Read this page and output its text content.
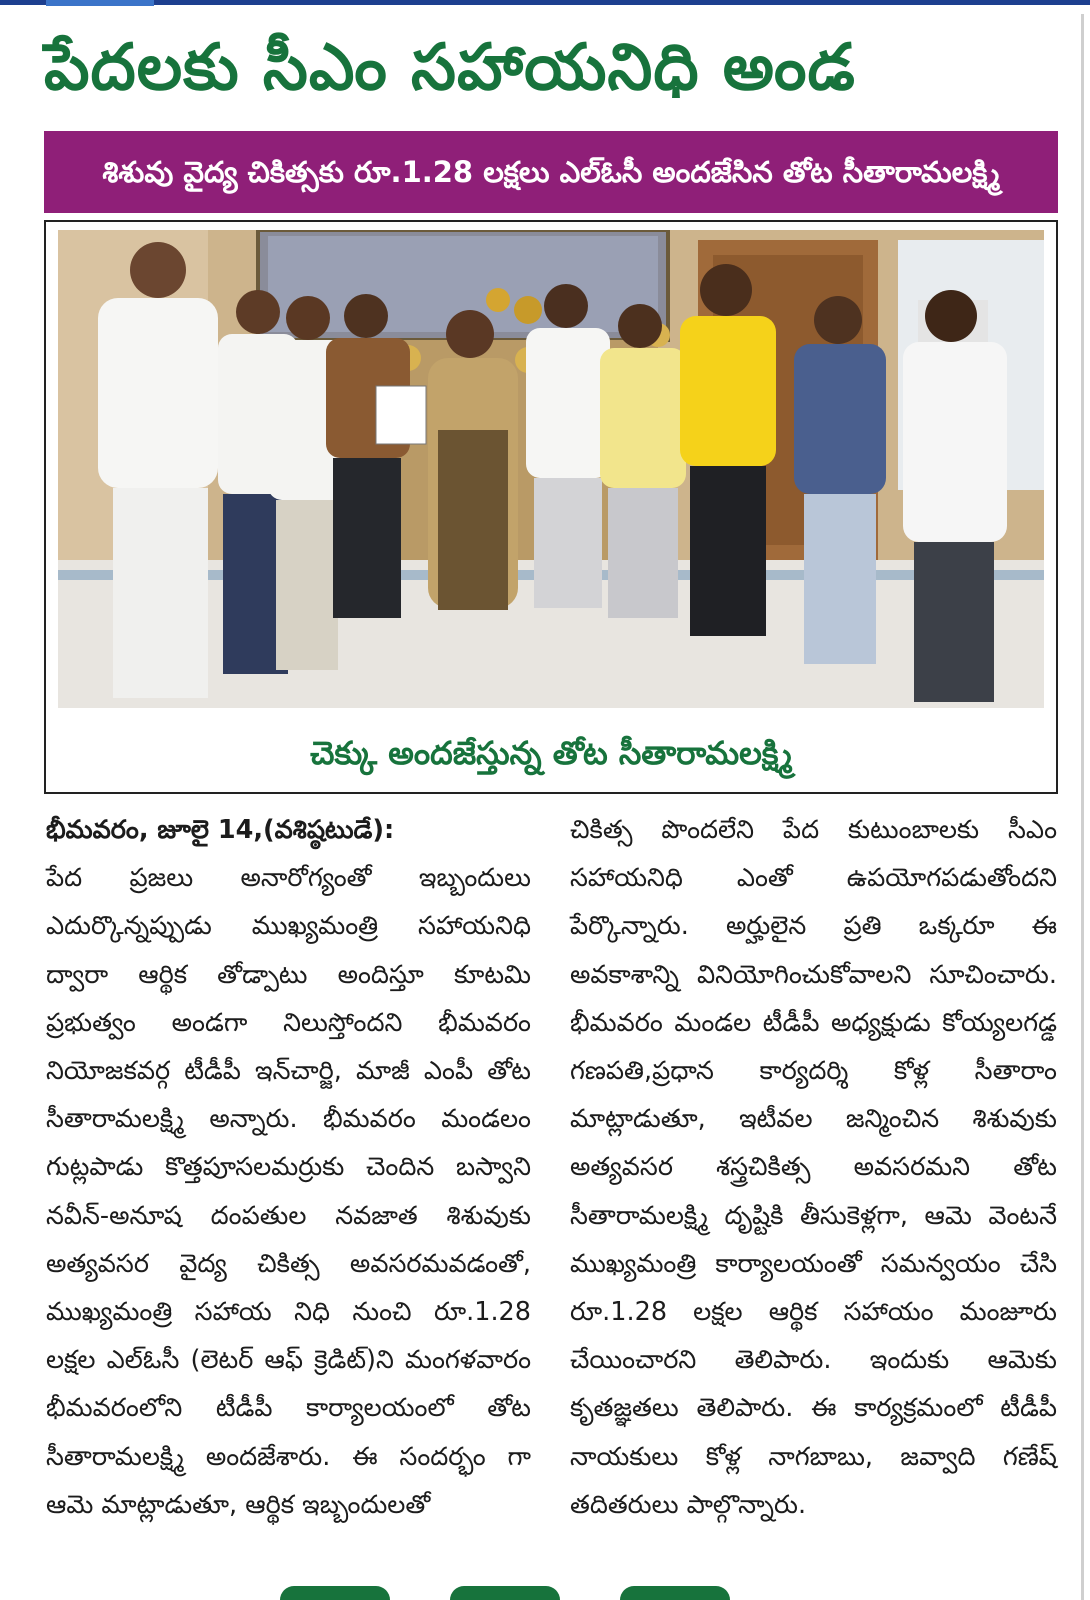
పేదలకు సీఎం సహాయనిధి అండ
శిశువు వైద్య చికిత్సకు రూ.1.28 లక్షలు ఎల్‌ఓసీ అందజేసిన తోట సీతారామలక్ష్మి
చెక్కు అందజేస్తున్న తోట సీతారామలక్ష్మి
భీమవరం, జూలై 14,(వశిష్ఠటుడే):
పేద ప్రజలు అనారోగ్యంతో ఇబ్బందులు ఎదుర్కొన్నప్పుడు ముఖ్యమంత్రి సహాయనిధి ద్వారా ఆర్థిక తోడ్పాటు అందిస్తూ కూటమి ప్రభుత్వం అండగా నిలుస్తోందని భీమవరం నియోజకవర్గ టీడీపీ ఇన్‌చార్జి, మాజీ ఎంపీ తోట సీతారామలక్ష్మి అన్నారు. భీమవరం మండలం గుట్లపాడు కొత్తపూసలమర్రుకు చెందిన బస్వాని నవీన్-అనూష దంపతుల నవజాత శిశువుకు అత్యవసర వైద్య చికిత్స అవసరమవడంతో, ముఖ్యమంత్రి సహాయ నిధి నుంచి రూ.1.28 లక్షల ఎల్‌ఓసీ (లెటర్ ఆఫ్ క్రెడిట్)ని మంగళవారం భీమవరంలోని టీడీపీ కార్యాలయంలో తోట సీతారామలక్ష్మి అందజేశారు. ఈ సందర్భం గా ఆమె మాట్లాడుతూ, ఆర్థిక ఇబ్బందులతో
చికిత్స పొందలేని పేద కుటుంబాలకు సీఎం సహాయనిధి ఎంతో ఉపయోగపడుతోందని పేర్కొన్నారు. అర్హులైన ప్రతి ఒక్కరూ ఈ అవకాశాన్ని వినియోగించుకోవాలని సూచించారు. భీమవరం మండల టీడీపీ అధ్యక్షుడు కోయ్యలగడ్డ గణపతి,ప్రధాన కార్యదర్శి కోళ్ల సీతారాం మాట్లాడుతూ, ఇటీవల జన్మించిన శిశువుకు అత్యవసర శస్త్రచికిత్స అవసరమని తోట సీతారామలక్ష్మి దృష్టికి తీసుకెళ్లగా, ఆమె వెంటనే ముఖ్యమంత్రి కార్యాలయంతో సమన్వయం చేసి రూ.1.28 లక్షల ఆర్థిక సహాయం మంజూరు చేయించారని తెలిపారు. ఇందుకు ఆమెకు కృతజ్ఞతలు తెలిపారు. ఈ కార్యక్రమంలో టీడీపీ నాయకులు కోళ్ల నాగబాబు, జవ్వాది గణేష్ తదితరులు పాల్గొన్నారు.
